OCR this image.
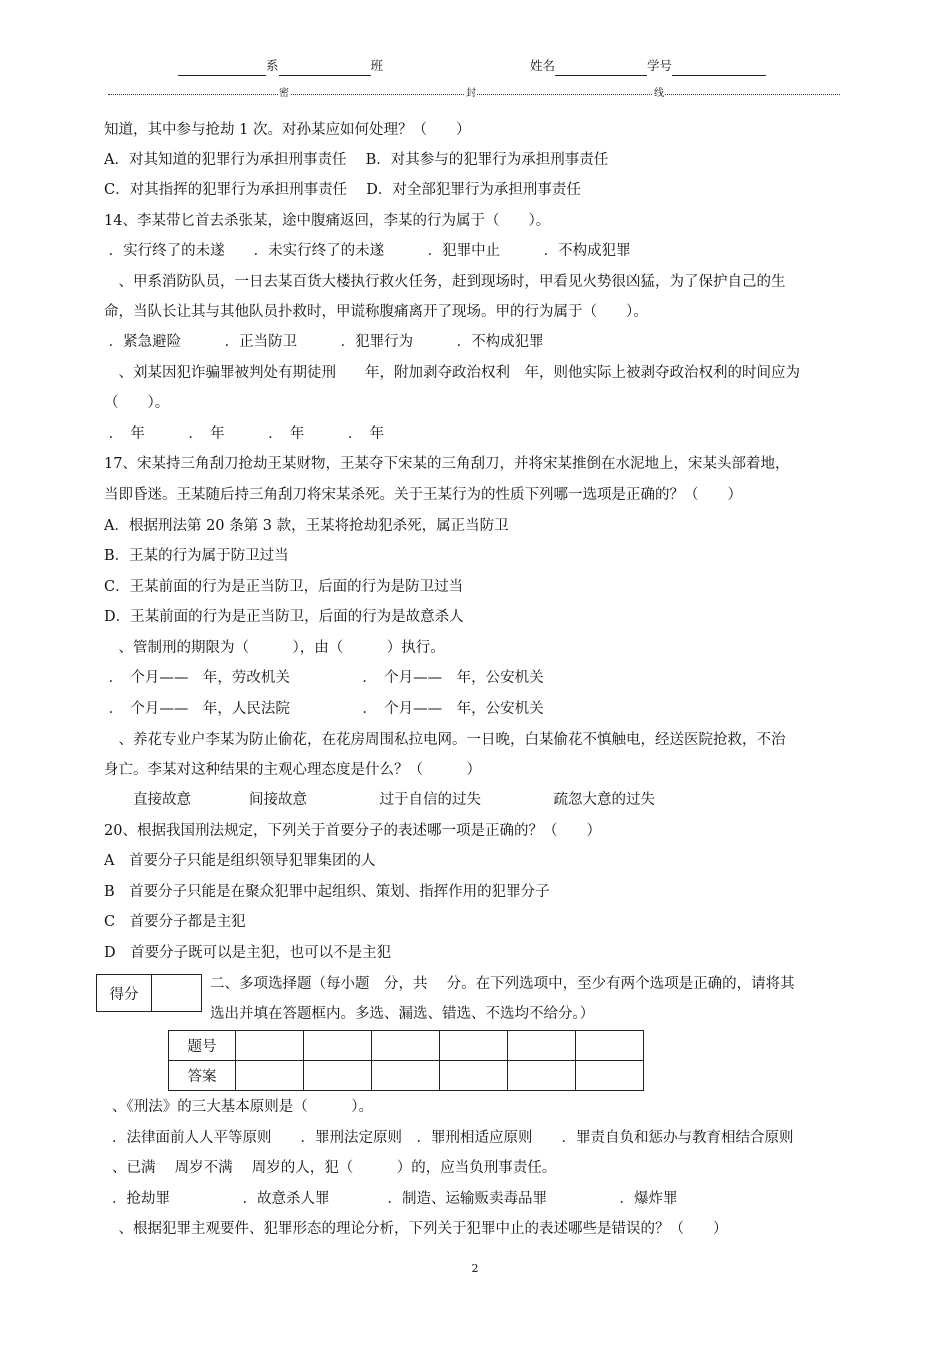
系	班	姓名	学号
密	封	线
知道，其中参与抢劫 1 次。对孙某应如何处理？（　　）
A．对其知道的犯罪行为承担刑事责任　 B．对其参与的犯罪行为承担刑事责任
C．对其指挥的犯罪行为承担刑事责任　 D．对全部犯罪行为承担刑事责任
14、李某带匕首去杀张某，途中腹痛返回，李某的行为属于（　　）。
．实行终了的未遂　　．未实行终了的未遂　　　．犯罪中止　　　．不构成犯罪
　、甲系消防队员，一日去某百货大楼执行救火任务，赶到现场时，甲看见火势很凶猛，为了保护自己的生
命，当队长让其与其他队员扑救时，甲谎称腹痛离开了现场。甲的行为属于（　　）。
．紧急避险　　　．正当防卫　　　．犯罪行为　　　．不构成犯罪
　、刘某因犯诈骗罪被判处有期徒刑　　年，附加剥夺政治权利　年，则他实际上被剥夺政治权利的时间应为
（　　）。
．　年　　　．　年　　　．　年　　　．　年
17、宋某持三角刮刀抢劫王某财物，王某夺下宋某的三角刮刀，并将宋某推倒在水泥地上，宋某头部着地，
当即昏迷。王某随后持三角刮刀将宋某杀死。关于王某行为的性质下列哪一选项是正确的？（　　）
A．根据刑法第 20 条第 3 款，王某将抢劫犯杀死，属正当防卫
B．王某的行为属于防卫过当
C．王某前面的行为是正当防卫，后面的行为是防卫过当
D．王某前面的行为是正当防卫，后面的行为是故意杀人
　、管制刑的期限为（　　　），由（　　　）执行。
．　个月——　年，劳改机关　　　　　．　个月——　年，公安机关
．　个月——　年，人民法院　　　　　．　个月——　年，公安机关
　、养花专业户李某为防止偷花，在花房周围私拉电网。一日晚，白某偷花不慎触电，经送医院抢救，不治
身亡。李某对这种结果的主观心理态度是什么？（　　　）
　　直接故意　　　　间接故意　　　　　过于自信的过失　　　　　疏忽大意的过失
20、根据我国刑法规定，下列关于首要分子的表述哪一项是正确的？（　　）
A　首要分子只能是组织领导犯罪集团的人
B　首要分子只能是在聚众犯罪中起组织、策划、指挥作用的犯罪分子
C　首要分子都是主犯
D　首要分子既可以是主犯，也可以不是主犯
得分
二、多项选择题（每小题　分，共　 分。在下列选项中，至少有两个选项是正确的，请将其
选出并填在答题框内。多选、漏选、错选、不选均不给分。）
题号						
答案						
、《刑法》的三大基本原则是（　　　）。
．法律面前人人平等原则　　．罪刑法定原则　．罪刑相适应原则　　．罪责自负和惩办与教育相结合原则
、已满　 周岁不满　 周岁的人，犯（　　　）的，应当负刑事责任。
．抢劫罪　　　　　．故意杀人罪　　　　．制造、运输贩卖毒品罪　　　　　．爆炸罪
　、根据犯罪主观要件、犯罪形态的理论分析，下列关于犯罪中止的表述哪些是错误的？（　　）
2
